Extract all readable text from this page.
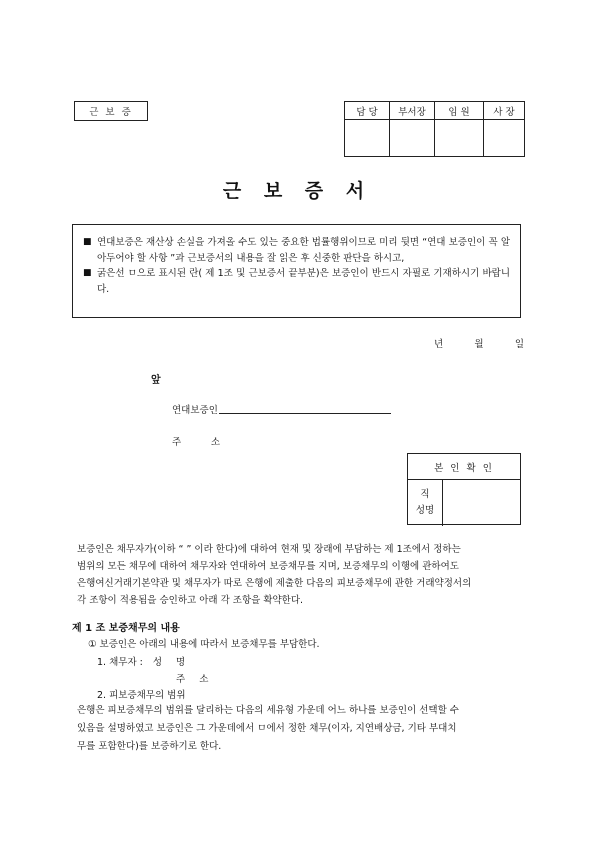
근 보 증	담 당	부서장	임 원	사 장

근 보 증 서
■ 연대보증은 재산상 손실을 가져올 수도 있는 중요한 법률행위이므로 미리 뒷면 “연대 보증인이 꼭 알아두어야 할 사항 ”과 근보증서의 내용을 잘 읽은 후 신중한 판단을 하시고,
■ 굵은선 ㅁ으로 표시된 란( 제 1조 및 근보증서 끝부분)은 보증인이 반드시 자필로 기재하시기 바랍니다.
년	월	일
앞
연대보증인
주	소
본 인 확 인
직
성명
보증인은 채무자가(이하 “ ” 이라 한다)에 대하여 현재 및 장래에 부담하는 제 1조에서 정하는
범위의 모든 채무에 대하여 채무자와 연대하여 보증채무를 지며, 보증채무의 이행에 관하여도
은행여신거래기본약관 및 채무자가 따로 은행에 제출한 다음의 피보증채무에 관한 거래약정서의
각 조항이 적용됨을 승인하고 아래 각 조항을 확약한다.
제 1 조 보증채무의 내용
① 보증인은 아래의 내용에 따라서 보증채무를 부담한다.
1. 채무자 : 성 명
주 소
2. 피보증채무의 범위
은행은 피보증채무의 범위를 달리하는 다음의 세유형 가운데 어느 하나를 보증인이 선택할 수
있음을 설명하였고 보증인은 그 가운데에서 ㅁ에서 정한 채무(이자, 지연배상금, 기타 부대치
무를 포함한다)를 보증하기로 한다.
